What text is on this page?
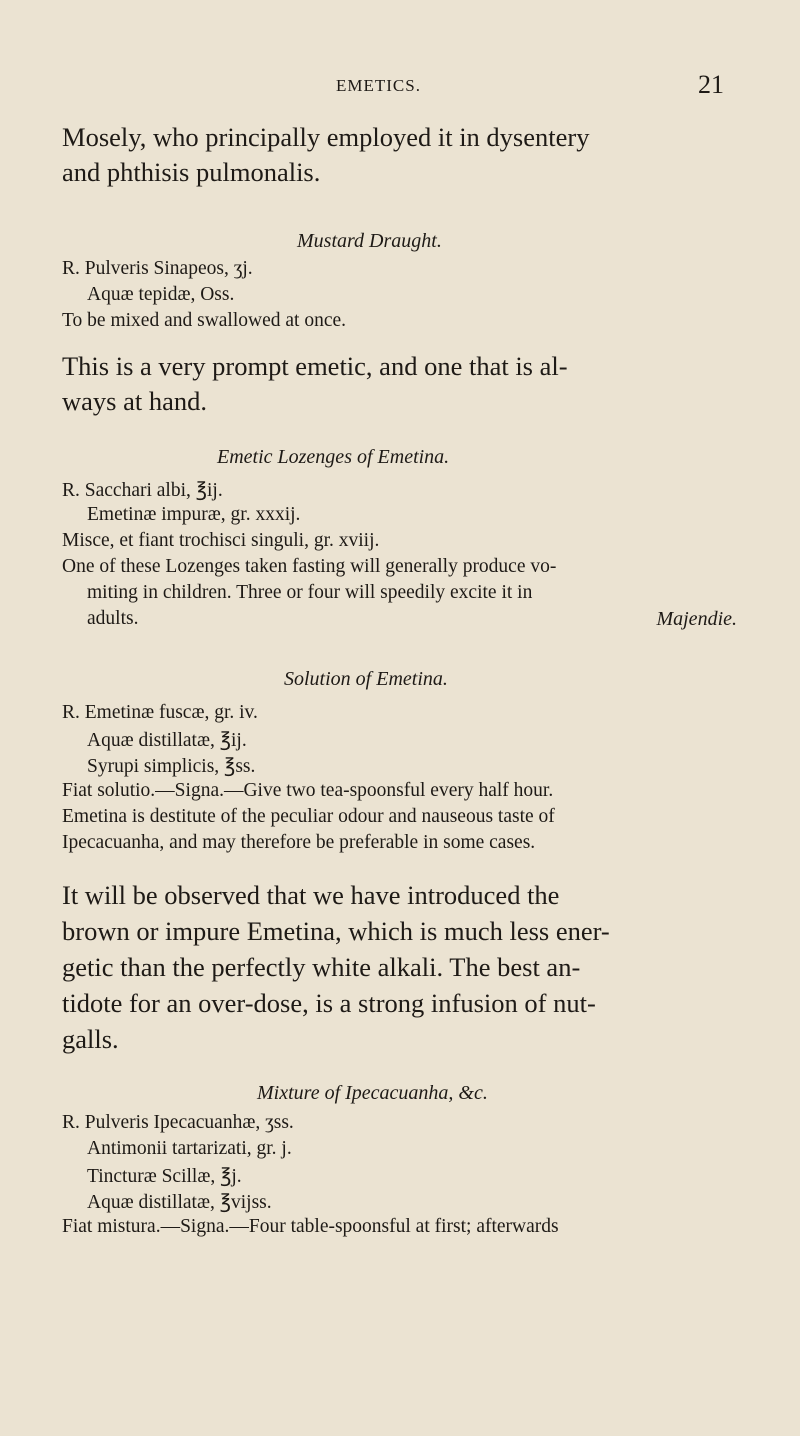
EMETICS.	21
Mosely, who principally employed it in dysentery
and phthisis pulmonalis.
Mustard Draught.
R. Pulveris Sinapeos, ʒj.
Aquæ tepidæ, Oss.
To be mixed and swallowed at once.
This is a very prompt emetic, and one that is al-
ways at hand.
Emetic Lozenges of Emetina.
R. Sacchari albi, ℥ij.
Emetinæ impuræ, gr. xxxij.
Misce, et fiant trochisci singuli, gr. xviij.
One of these Lozenges taken fasting will generally produce vo-
miting in children. Three or four will speedily excite it in
Solution of Emetina.
R. Emetinæ fuscæ, gr. iv.
Aquæ distillatæ, ℥ij.
Syrupi simplicis, ℥ss.
Fiat solutio.—Signa.—Give two tea-spoonsful every half hour.
Emetina is destitute of the peculiar odour and nauseous taste of
Ipecacuanha, and may therefore be preferable in some cases.
It will be observed that we have introduced the
brown or impure Emetina, which is much less ener-
getic than the perfectly white alkali. The best an-
tidote for an over-dose, is a strong infusion of nut-
galls.
Mixture of Ipecacuanha, &c.
R. Pulveris Ipecacuanhæ, ʒss.
Antimonii tartarizati, gr. j.
Tincturæ Scillæ, ℥j.
Aquæ distillatæ, ℥vijss.
Fiat mistura.—Signa.—Four table-spoonsful at first; afterwards
adults.	Majendie.
